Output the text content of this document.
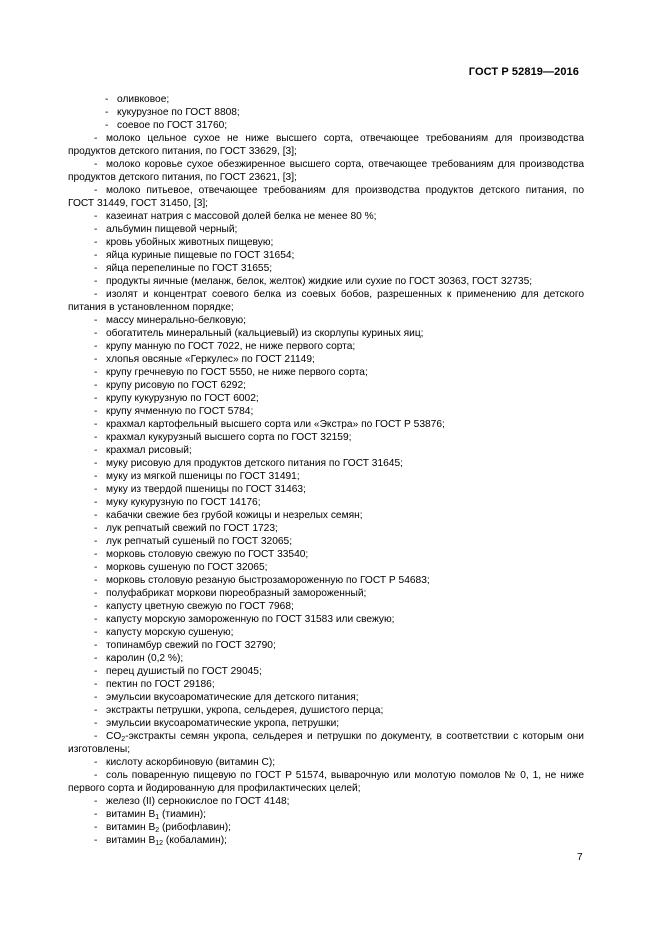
ГОСТ Р 52819—2016
- оливковое;
- кукурузное по ГОСТ 8808;
- соевое по ГОСТ 31760;
- молоко цельное сухое не ниже высшего сорта, отвечающее требованиям для производства продуктов детского питания, по ГОСТ 33629, [3];
- молоко коровье сухое обезжиренное высшего сорта, отвечающее требованиям для производства продуктов детского питания, по ГОСТ 23621, [3];
- молоко питьевое, отвечающее требованиям для производства продуктов детского питания, по ГОСТ 31449, ГОСТ 31450, [3];
- казеинат натрия с массовой долей белка не менее 80 %;
- альбумин пищевой черный;
- кровь убойных животных пищевую;
- яйца куриные пищевые по ГОСТ 31654;
- яйца перепелиные по ГОСТ 31655;
- продукты яичные (меланж, белок, желток) жидкие или сухие по ГОСТ 30363, ГОСТ 32735;
- изолят и концентрат соевого белка из соевых бобов, разрешенных к применению для детского питания в установленном порядке;
- массу минерально-белковую;
- обогатитель минеральный (кальциевый) из скорлупы куриных яиц;
- крупу манную по ГОСТ 7022, не ниже первого сорта;
- хлопья овсяные «Геркулес» по ГОСТ 21149;
- крупу гречневую по ГОСТ 5550, не ниже первого сорта;
- крупу рисовую по ГОСТ 6292;
- крупу кукурузную по ГОСТ 6002;
- крупу ячменную по ГОСТ 5784;
- крахмал картофельный высшего сорта или «Экстра» по ГОСТ Р 53876;
- крахмал кукурузный высшего сорта по ГОСТ 32159;
- крахмал рисовый;
- муку рисовую для продуктов детского питания по ГОСТ 31645;
- муку из мягкой пшеницы по ГОСТ 31491;
- муку из твердой пшеницы по ГОСТ 31463;
- муку кукурузную по ГОСТ 14176;
- кабачки свежие без грубой кожицы и незрелых семян;
- лук репчатый свежий по ГОСТ 1723;
- лук репчатый сушеный по ГОСТ 32065;
- морковь столовую свежую по ГОСТ 33540;
- морковь сушеную по ГОСТ 32065;
- морковь столовую резаную быстрозамороженную по ГОСТ Р 54683;
- полуфабрикат моркови пюреобразный замороженный;
- капусту цветную свежую по ГОСТ 7968;
- капусту морскую замороженную по ГОСТ 31583 или свежую;
- капусту морскую сушеную;
- топинамбур свежий по ГОСТ 32790;
- каролин (0,2 %);
- перец душистый по ГОСТ 29045;
- пектин по ГОСТ 29186;
- эмульсии вкусоароматические для детского питания;
- экстракты петрушки, укропа, сельдерея, душистого перца;
- эмульсии вкусоароматические укропа, петрушки;
- $CO_2$-экстракты семян укропа, сельдерея и петрушки по документу, в соответствии с которым они изготовлены;
- кислоту аскорбиновую (витамин С);
- соль поваренную пищевую по ГОСТ Р 51574, выварочную или молотую помолов № 0, 1, не ниже первого сорта и йодированную для профилактических целей;
- железо (II) сернокислое по ГОСТ 4148;
- витамин $В_1$ (тиамин);
- витамин $В_2$ (рибофлавин);
- витамин $В_{12}$ (кобаламин);
7
